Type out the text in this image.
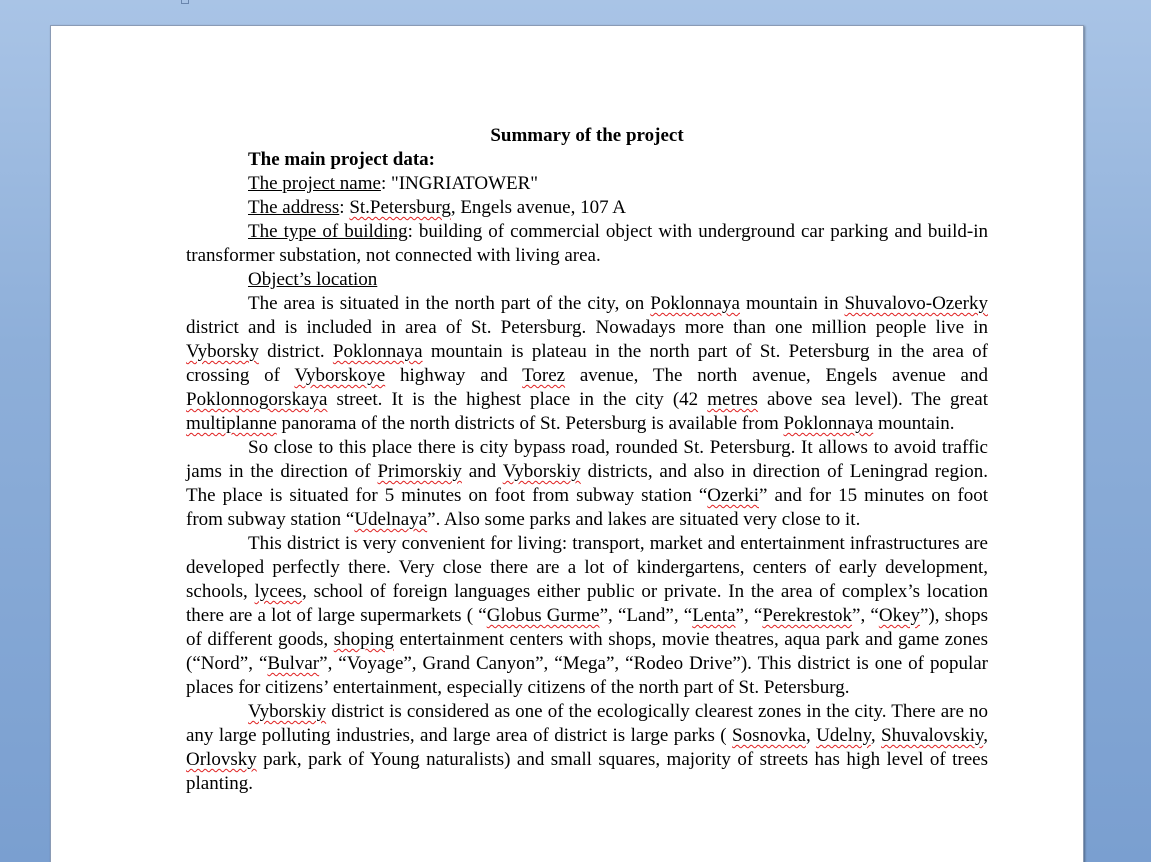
Summary of the project

The main project data:

The project name: "INGRIATOWER"

The address: St.Petersburg, Engels avenue, 107 A

The type of building: building of commercial object with underground car parking and build-in transformer substation, not connected with living area.

Object’s location

The area is situated in the north part of the city, on Poklonnaya mountain in Shuvalovo-Ozerky district and is included in area of St. Petersburg. Nowadays more than one million people live in Vyborsky district. Poklonnaya mountain is plateau in the north part of St. Petersburg in the area of crossing of Vyborskoye highway and Torez avenue, The north avenue, Engels avenue and Poklonnogorskaya street. It is the highest place in the city (42 metres above sea level). The great multiplanne panorama of the north districts of St. Petersburg is available from Poklonnaya mountain.

So close to this place there is city bypass road, rounded St. Petersburg. It allows to avoid traffic jams in the direction of Primorskiy and Vyborskiy districts, and also in direction of Leningrad region. The place is situated for 5 minutes on foot from subway station “Ozerki” and for 15 minutes on foot from subway station “Udelnaya”. Also some parks and lakes are situated very close to it.

This district is very convenient for living: transport, market and entertainment infrastructures are developed perfectly there. Very close there are a lot of kindergartens, centers of early development, schools, lycees, school of foreign languages either public or private. In the area of complex’s location there are a lot of large supermarkets ( “Globus Gurme”, “Land”, “Lenta”, “Perekrestok”, “Okey”), shops of different goods, shoping entertainment centers with shops, movie theatres, aqua park and game zones (“Nord”, “Bulvar”, “Voyage”, Grand Canyon”, “Mega”, “Rodeo Drive”). This district is one of popular places for citizens’ entertainment, especially citizens of the north part of St. Petersburg.

Vyborskiy district is considered as one of the ecologically clearest zones in the city. There are no any large polluting industries, and large area of district is large parks ( Sosnovka, Udelny, Shuvalovskiy, Orlovsky park, park of Young naturalists) and small squares, majority of streets has high level of trees planting.
